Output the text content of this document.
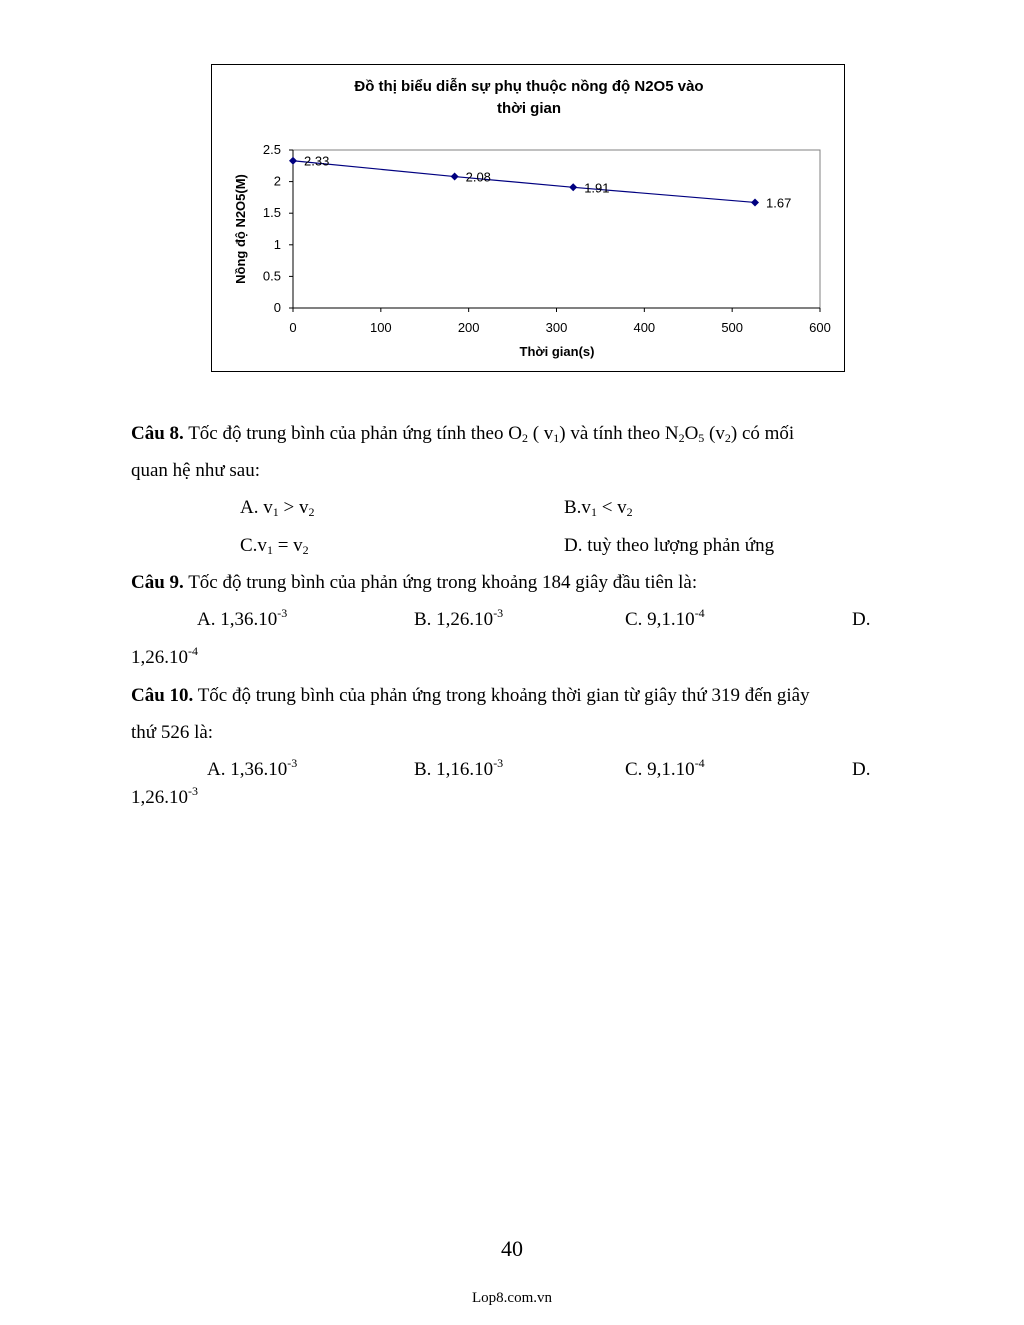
Đồ thị biểu diễn sự phụ thuộc nồng độ N2O5 vào
thời gian
0
0.5
1
1.5
2
2.5
0	100	200	300	400	500	600
2.33
2.08
1.91
1.67
Thời gian(s)
Nồng độ N2O5(M)
Câu 8. Tốc độ trung bình của phản ứng tính theo $O_2$ ( $v_1$) và tính theo $N_2O_5$ $(v_2)$ có mối
quan hệ như sau:
A. $v_1 > v_2$	$B.v_1 < v_2$
$C.v_1 = v_2$	D. tuỳ theo lượng phản ứng
Câu 9. Tốc độ trung bình của phản ứng trong khoảng 184 giây đầu tiên là:
A. $1,36.10^{-3}$	B. $1,26.10^{-3}$	C. $9,1.10^{-4}$	D.
$1,26.10^{-4}$
Câu 10. Tốc độ trung bình của phản ứng trong khoảng thời gian từ giây thứ 319 đến giây
thứ 526 là:
A. $1,36.10^{-3}$	B. $1,16.10^{-3}$	C. $9,1.10^{-4}$	D.
$1,26.10^{-3}$
40
Lop8.com.vn
